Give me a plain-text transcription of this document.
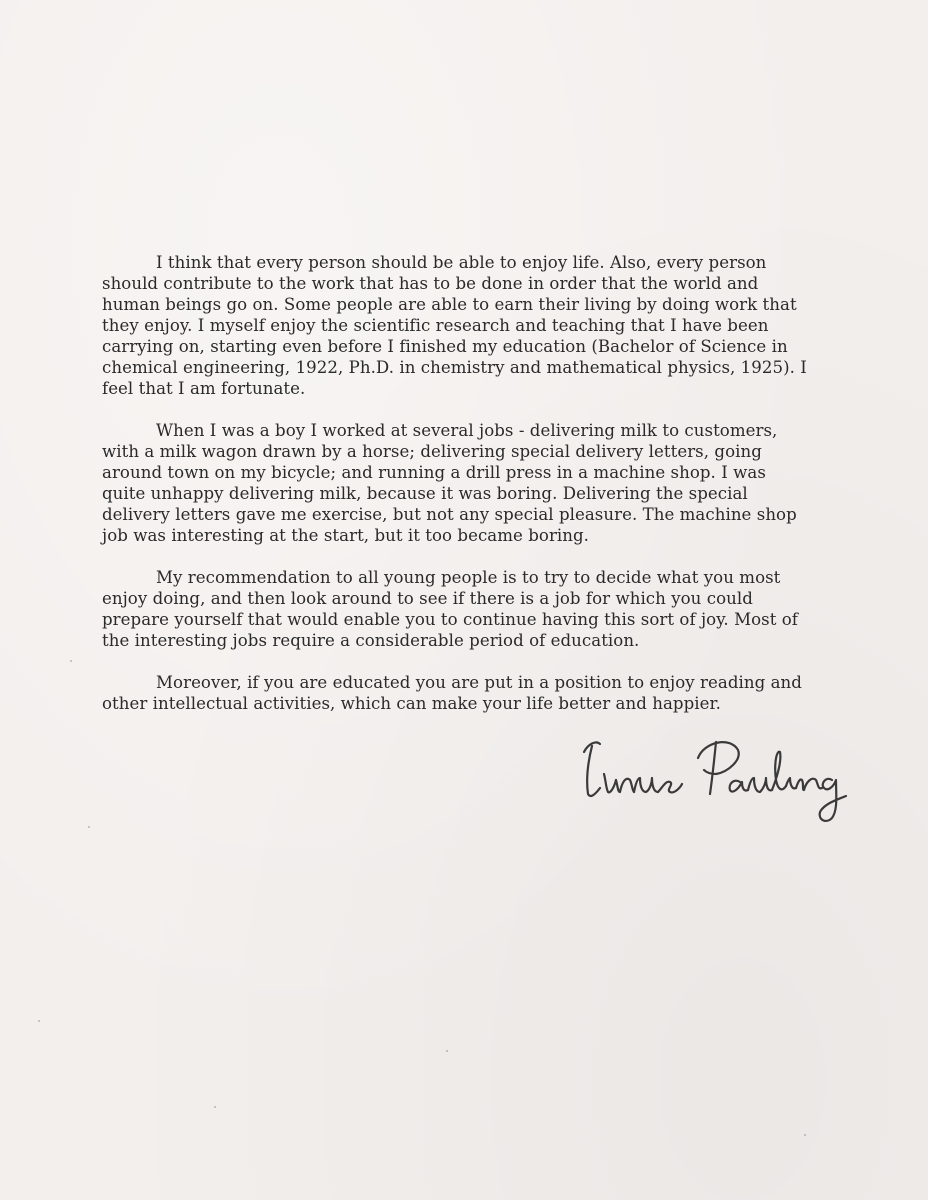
I think that every person should be able to enjoy life. Also, every person
should contribute to the work that has to be done in order that the world and
human beings go on. Some people are able to earn their living by doing work that
they enjoy. I myself enjoy the scientific research and teaching that I have been
carrying on, starting even before I finished my education (Bachelor of Science in
chemical engineering, 1922, Ph.D. in chemistry and mathematical physics, 1925). I
feel that I am fortunate.

When I was a boy I worked at several jobs - delivering milk to customers,
with a milk wagon drawn by a horse; delivering special delivery letters, going
around town on my bicycle; and running a drill press in a machine shop. I was
quite unhappy delivering milk, because it was boring. Delivering the special
delivery letters gave me exercise, but not any special pleasure. The machine shop
job was interesting at the start, but it too became boring.

My recommendation to all young people is to try to decide what you most
enjoy doing, and then look around to see if there is a job for which you could
prepare yourself that would enable you to continue having this sort of joy. Most of
the interesting jobs require a considerable period of education.

Moreover, if you are educated you are put in a position to enjoy reading and
other intellectual activities, which can make your life better and happier.
